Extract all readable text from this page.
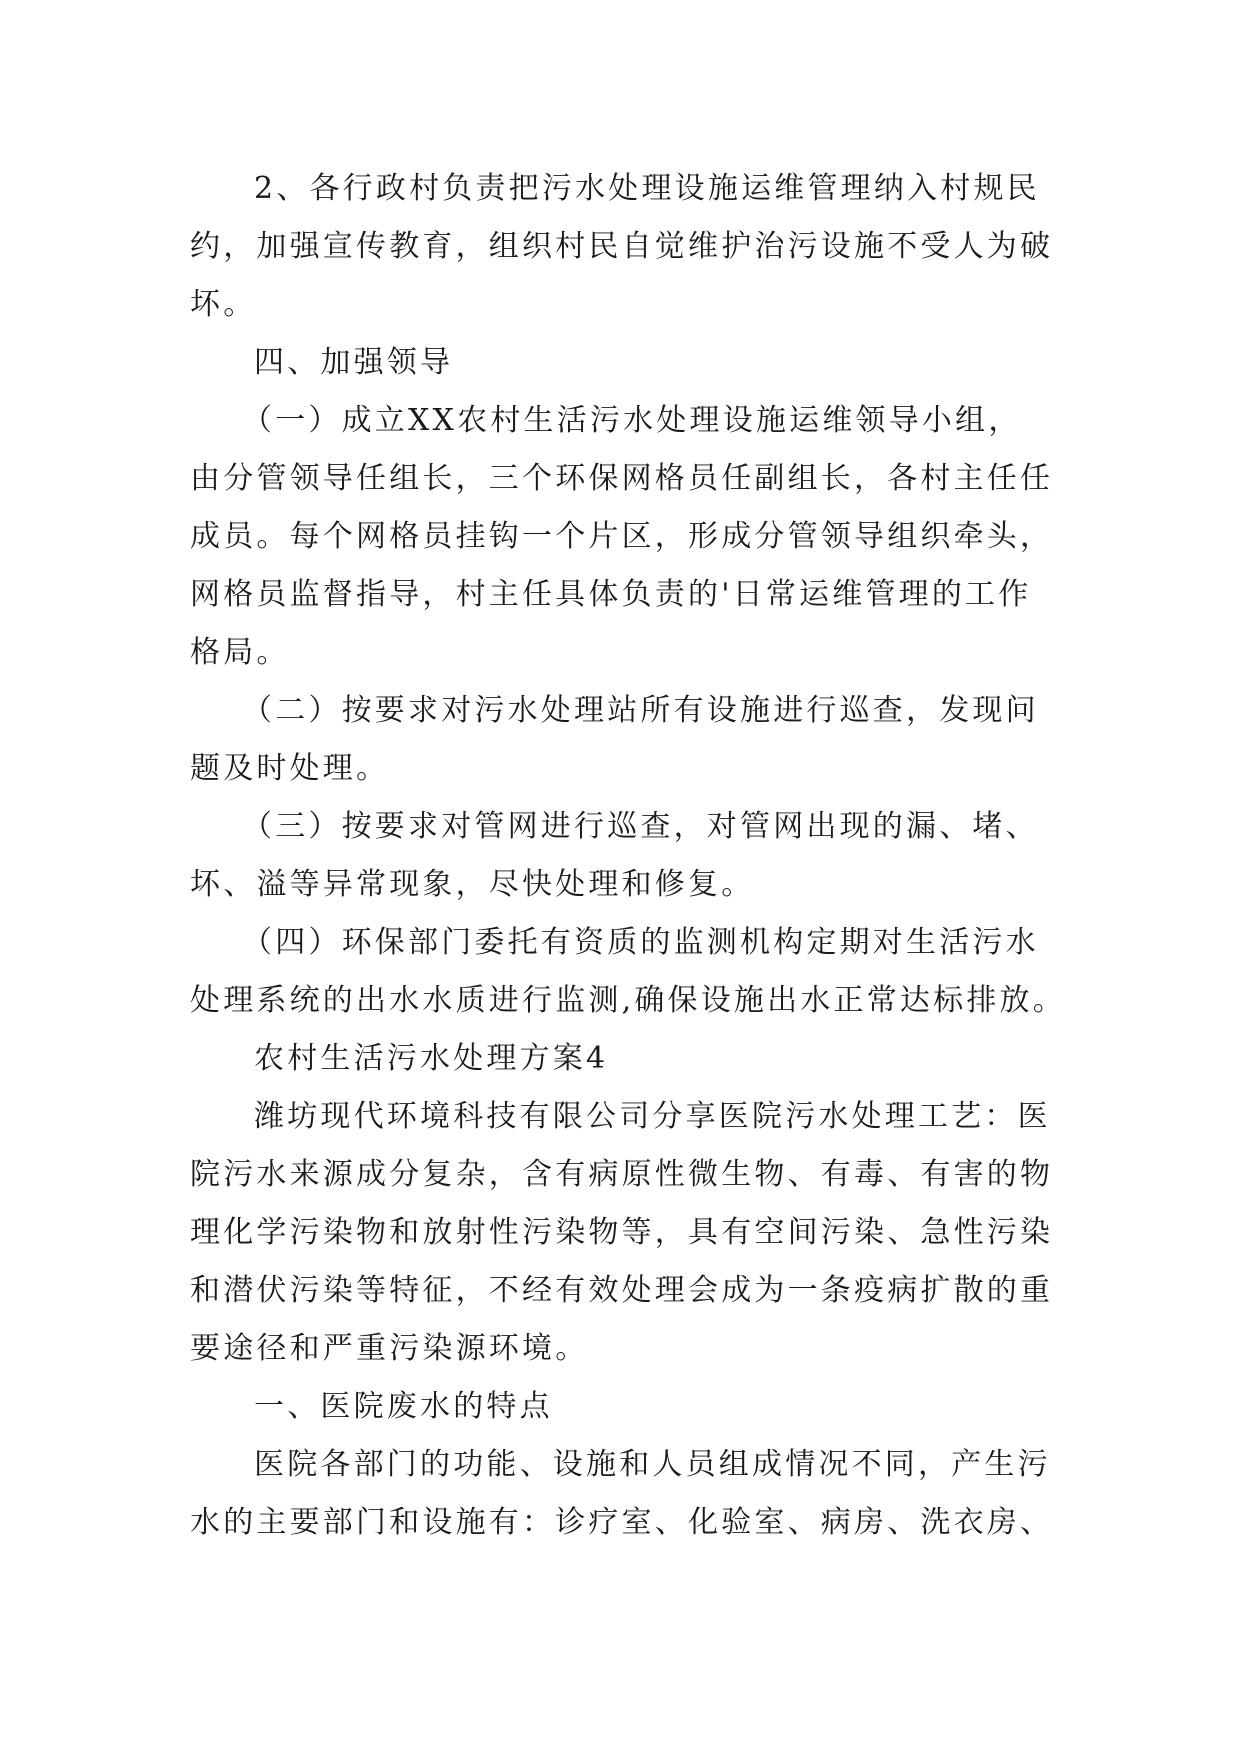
2、各行政村负责把污水处理设施运维管理纳入村规民
约，加强宣传教育，组织村民自觉维护治污设施不受人为破
坏。
四、加强领导
（一）成立XX农村生活污水处理设施运维领导小组，
由分管领导任组长，三个环保网格员任副组长，各村主任任
成员。每个网格员挂钩一个片区，形成分管领导组织牵头，
网格员监督指导，村主任具体负责的'日常运维管理的工作
格局。
（二）按要求对污水处理站所有设施进行巡查，发现问
题及时处理。
（三）按要求对管网进行巡查，对管网出现的漏、堵、
坏、溢等异常现象，尽快处理和修复。
（四）环保部门委托有资质的监测机构定期对生活污水
处理系统的出水水质进行监测,确保设施出水正常达标排放。
农村生活污水处理方案4
潍坊现代环境科技有限公司分享医院污水处理工艺：医
院污水来源成分复杂，含有病原性微生物、有毒、有害的物
理化学污染物和放射性污染物等，具有空间污染、急性污染
和潜伏污染等特征，不经有效处理会成为一条疫病扩散的重
要途径和严重污染源环境。
一、医院废水的特点
医院各部门的功能、设施和人员组成情况不同，产生污
水的主要部门和设施有：诊疗室、化验室、病房、洗衣房、
